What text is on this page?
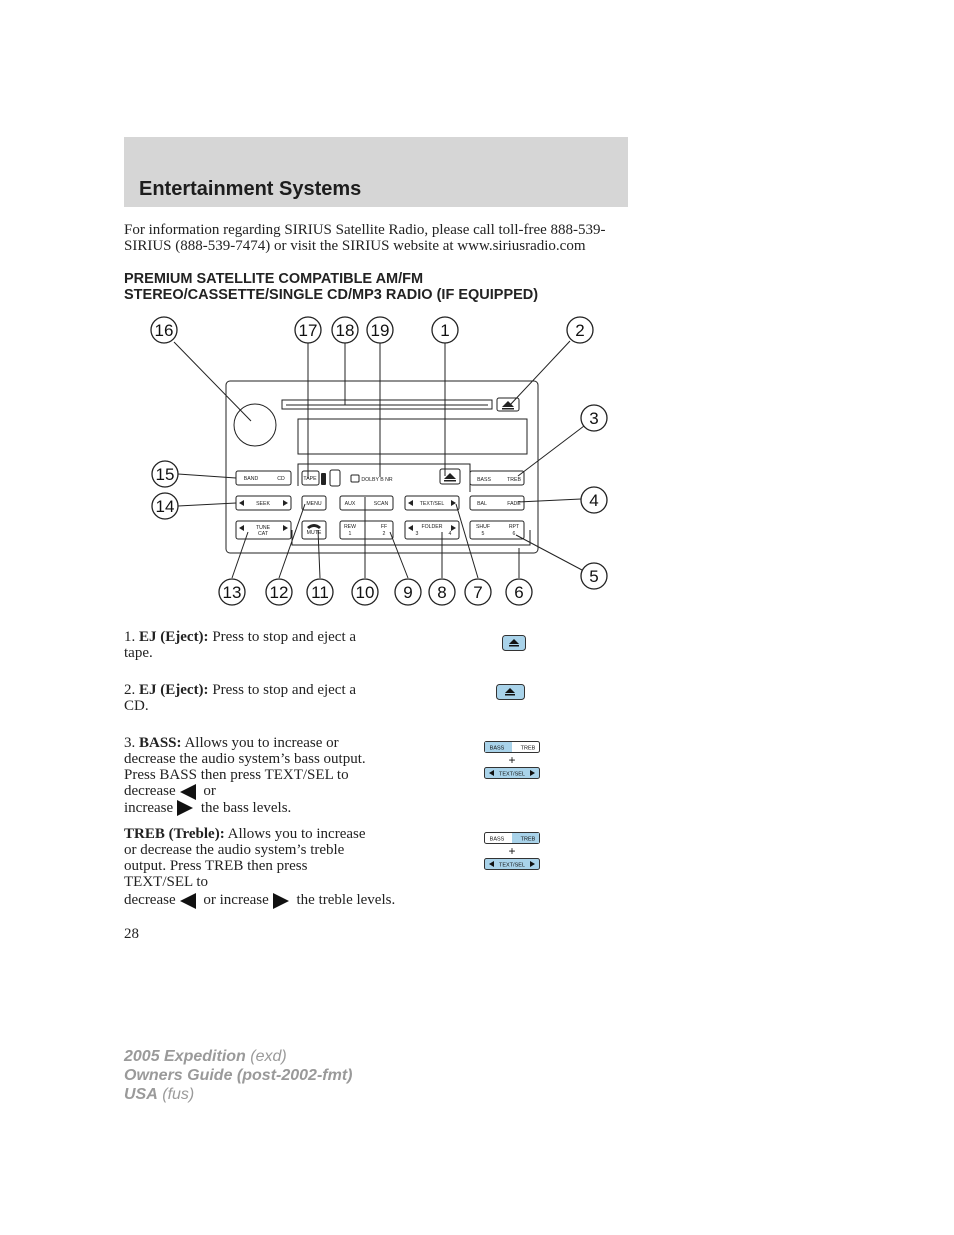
Entertainment Systems
For information regarding SIRIUS Satellite Radio, please call toll-free 888-539-SIRIUS (888-539-7474) or visit the SIRIUS website at www.siriusradio.com
PREMIUM SATELLITE COMPATIBLE AM/FM
STEREO/CASSETTE/SINGLE CD/MP3 RADIO (IF EQUIPPED)
BAND	CD	TAPE	DOLBY B NR	BASS	TREB
SEEK	MENU	AUX	SCAN	TEXT/SEL	BAL	FADE
TUNE
CAT	MUTE
REW	FF
1	2
FOLDER
3	4
SHUF	RPT
5	6
16	17 18 19	1	2
3
15
4
14
5
13 12 11 10 9 8 7 6
1. EJ (Eject): Press to stop and eject a tape.
2. EJ (Eject): Press to stop and eject a CD.
3. BASS: Allows you to increase or decrease the audio system’s bass output. Press BASS then press TEXT/SEL to decrease or
increase the bass levels.
BASS	TREB
+
TEXT/SEL
TREB (Treble): Allows you to increase or decrease the audio system’s treble output. Press TREB then press TEXT/SEL to
decrease or increase the treble levels.
BASS	TREB
+
TEXT/SEL
28
2005 Expedition (exd)
Owners Guide (post-2002-fmt)
USA (fus)
